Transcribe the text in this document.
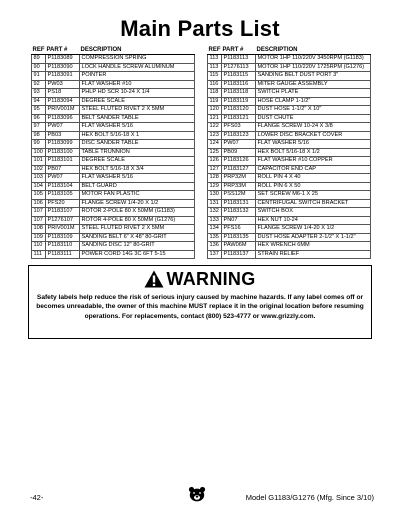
Main Parts List
REF	PART #	DESCRIPTION
89	P1183089	COMPRESSION SPRING
90	P1183090	LOCK HANDLE SCREW ALUMINUM
91	P1183091	POINTER
92	PW03	FLAT WASHER #10
93	PS18	PHLP HD SCR 10-24 X 1/4
94	P1183094	DEGREE SCALE
95	PRIV001M	STEEL FLUTED RIVET 2 X 5MM
96	P1183096	BELT SANDER TABLE
97	PW07	FLAT WASHER 5/16
98	PB03	HEX BOLT 5/16-18 X 1
99	P1183099	DISC SANDER TABLE
100	P1183100	TABLE TRUNNION
101	P1183101	DEGREE SCALE
102	PB07	HEX BOLT 5/16-18 X 3/4
103	PW07	FLAT WASHER 5/16
104	P1183104	BELT GUARD
105	P1183105	MOTOR FAN PLASTIC
106	PFS20	FLANGE SCREW 1/4-20 X 1/2
107	P1183107	ROTOR 2-POLE 80 X 50MM (G1183)
107	P1276107	ROTOR 4-POLE 80 X 50MM (G1276)
108	PRIV001M	STEEL FLUTED RIVET 2 X 5MM
109	P1183109	SANDING BELT 6" X 48" 80-GRIT
110	P1183110	SANDING DISC 12" 80-GRIT
111	P1183111	POWER CORD 14G 3C 6FT 5-15
REF	PART #	DESCRIPTION
113	P1183113	MOTOR 1HP 110/220V 3450RPM (G1183)
113	P1276113	MOTOR 1HP 110/220V 1725RPM (G1276)
115	P1183115	SANDING BELT DUST PORT 3"
116	P1183116	MITER GAUGE ASSEMBLY
118	P1183118	SWITCH PLATE
119	P1183119	HOSE CLAMP 1-1/2"
120	P1183120	DUST HOSE 1-1/2" X 10"
121	P1183121	DUST CHUTE
122	PFS03	FLANGE SCREW 10-24 X 3/8
123	P1183123	LOWER DISC BRACKET COVER
124	PW07	FLAT WASHER 5/16
125	PB09	HEX BOLT 5/16-18 X 1/2
126	P1183126	FLAT WASHER #10 COPPER
127	P1183127	CAPACITOR END CAP
128	PRP32M	ROLL PIN 4 X 40
129	PRP33M	ROLL PIN 6 X 50
130	PSS12M	SET SCREW M6-1 X 25
131	P1183131	CENTRIFUGAL SWITCH BRACKET
132	P1183132	SWITCH BOX
133	PN07	HEX NUT 10-24
134	PFS16	FLANGE SCREW 1/4-20 X 1/2
135	P1183135	DUST HOSE ADAPTER 2-1/2" X 1-1/2"
136	PAW06M	HEX WRENCH 6MM
137	P1183137	STRAIN RELIEF
WARNING
Safety labels help reduce the risk of serious injury caused by machine hazards. If any label comes off or becomes unreadable, the owner of this machine MUST replace it in the original location before resuming operations. For replacements, contact (800) 523-4777 or www.grizzly.com.
-42-	Model G1183/G1276 (Mfg. Since 3/10)
